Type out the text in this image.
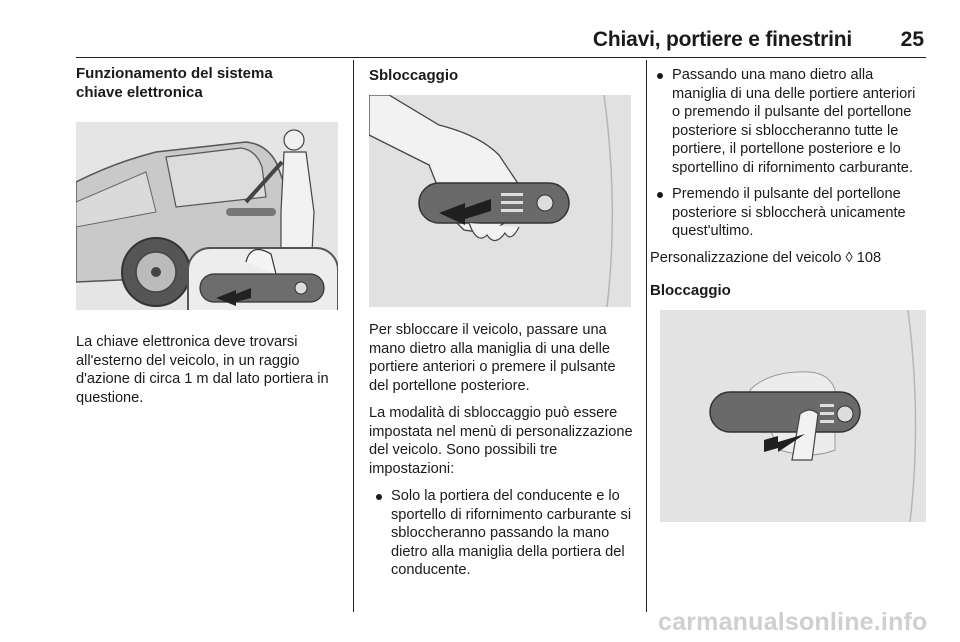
Chiavi, portiere e finestrini 25
Funzionamento del sistema chiave elettronica

La chiave elettronica deve trovarsi all'esterno del veicolo, in un raggio d'azione di circa 1 m dal lato portiera in questione.

Sbloccaggio

Per sbloccare il veicolo, passare una mano dietro alla maniglia di una delle portiere anteriori o premere il pulsante del portellone posteriore.

La modalità di sbloccaggio può essere impostata nel menù di personalizzazione del veicolo. Sono possibili tre impostazioni:

Solo la portiera del conducente e lo sportello di rifornimento carburante si sbloccheranno passando la mano dietro alla maniglia della portiera del conducente.
Passando una mano dietro alla maniglia di una delle portiere anteriori o premendo il pulsante del portellone posteriore si sbloccheranno tutte le portiere, il portellone posteriore e lo sportellino di rifornimento carburante.
Premendo il pulsante del portellone posteriore si sbloccherà unicamente quest'ultimo.

Personalizzazione del veicolo ◊ 108

Bloccaggio
carmanualsonline.info
